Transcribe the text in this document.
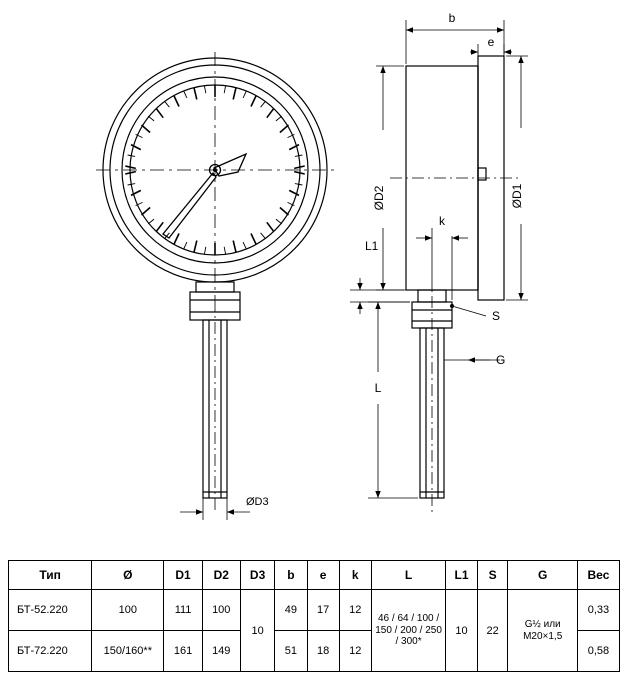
ØD3
b
e
ØD2	ØD1
k
L1
L
S
G
Тип	Ø	D1	D2	D3	b	e	k	L	L1	S	G	Вес
БТ-52.220	100	111	100	10	49	17	12	46 / 64 / 100 / 150 / 200 / 250 / 300*	10	22	G½ или M20×1,5	0,33
БТ-72.220	150/160**	161	149		51	18	12					0,58
